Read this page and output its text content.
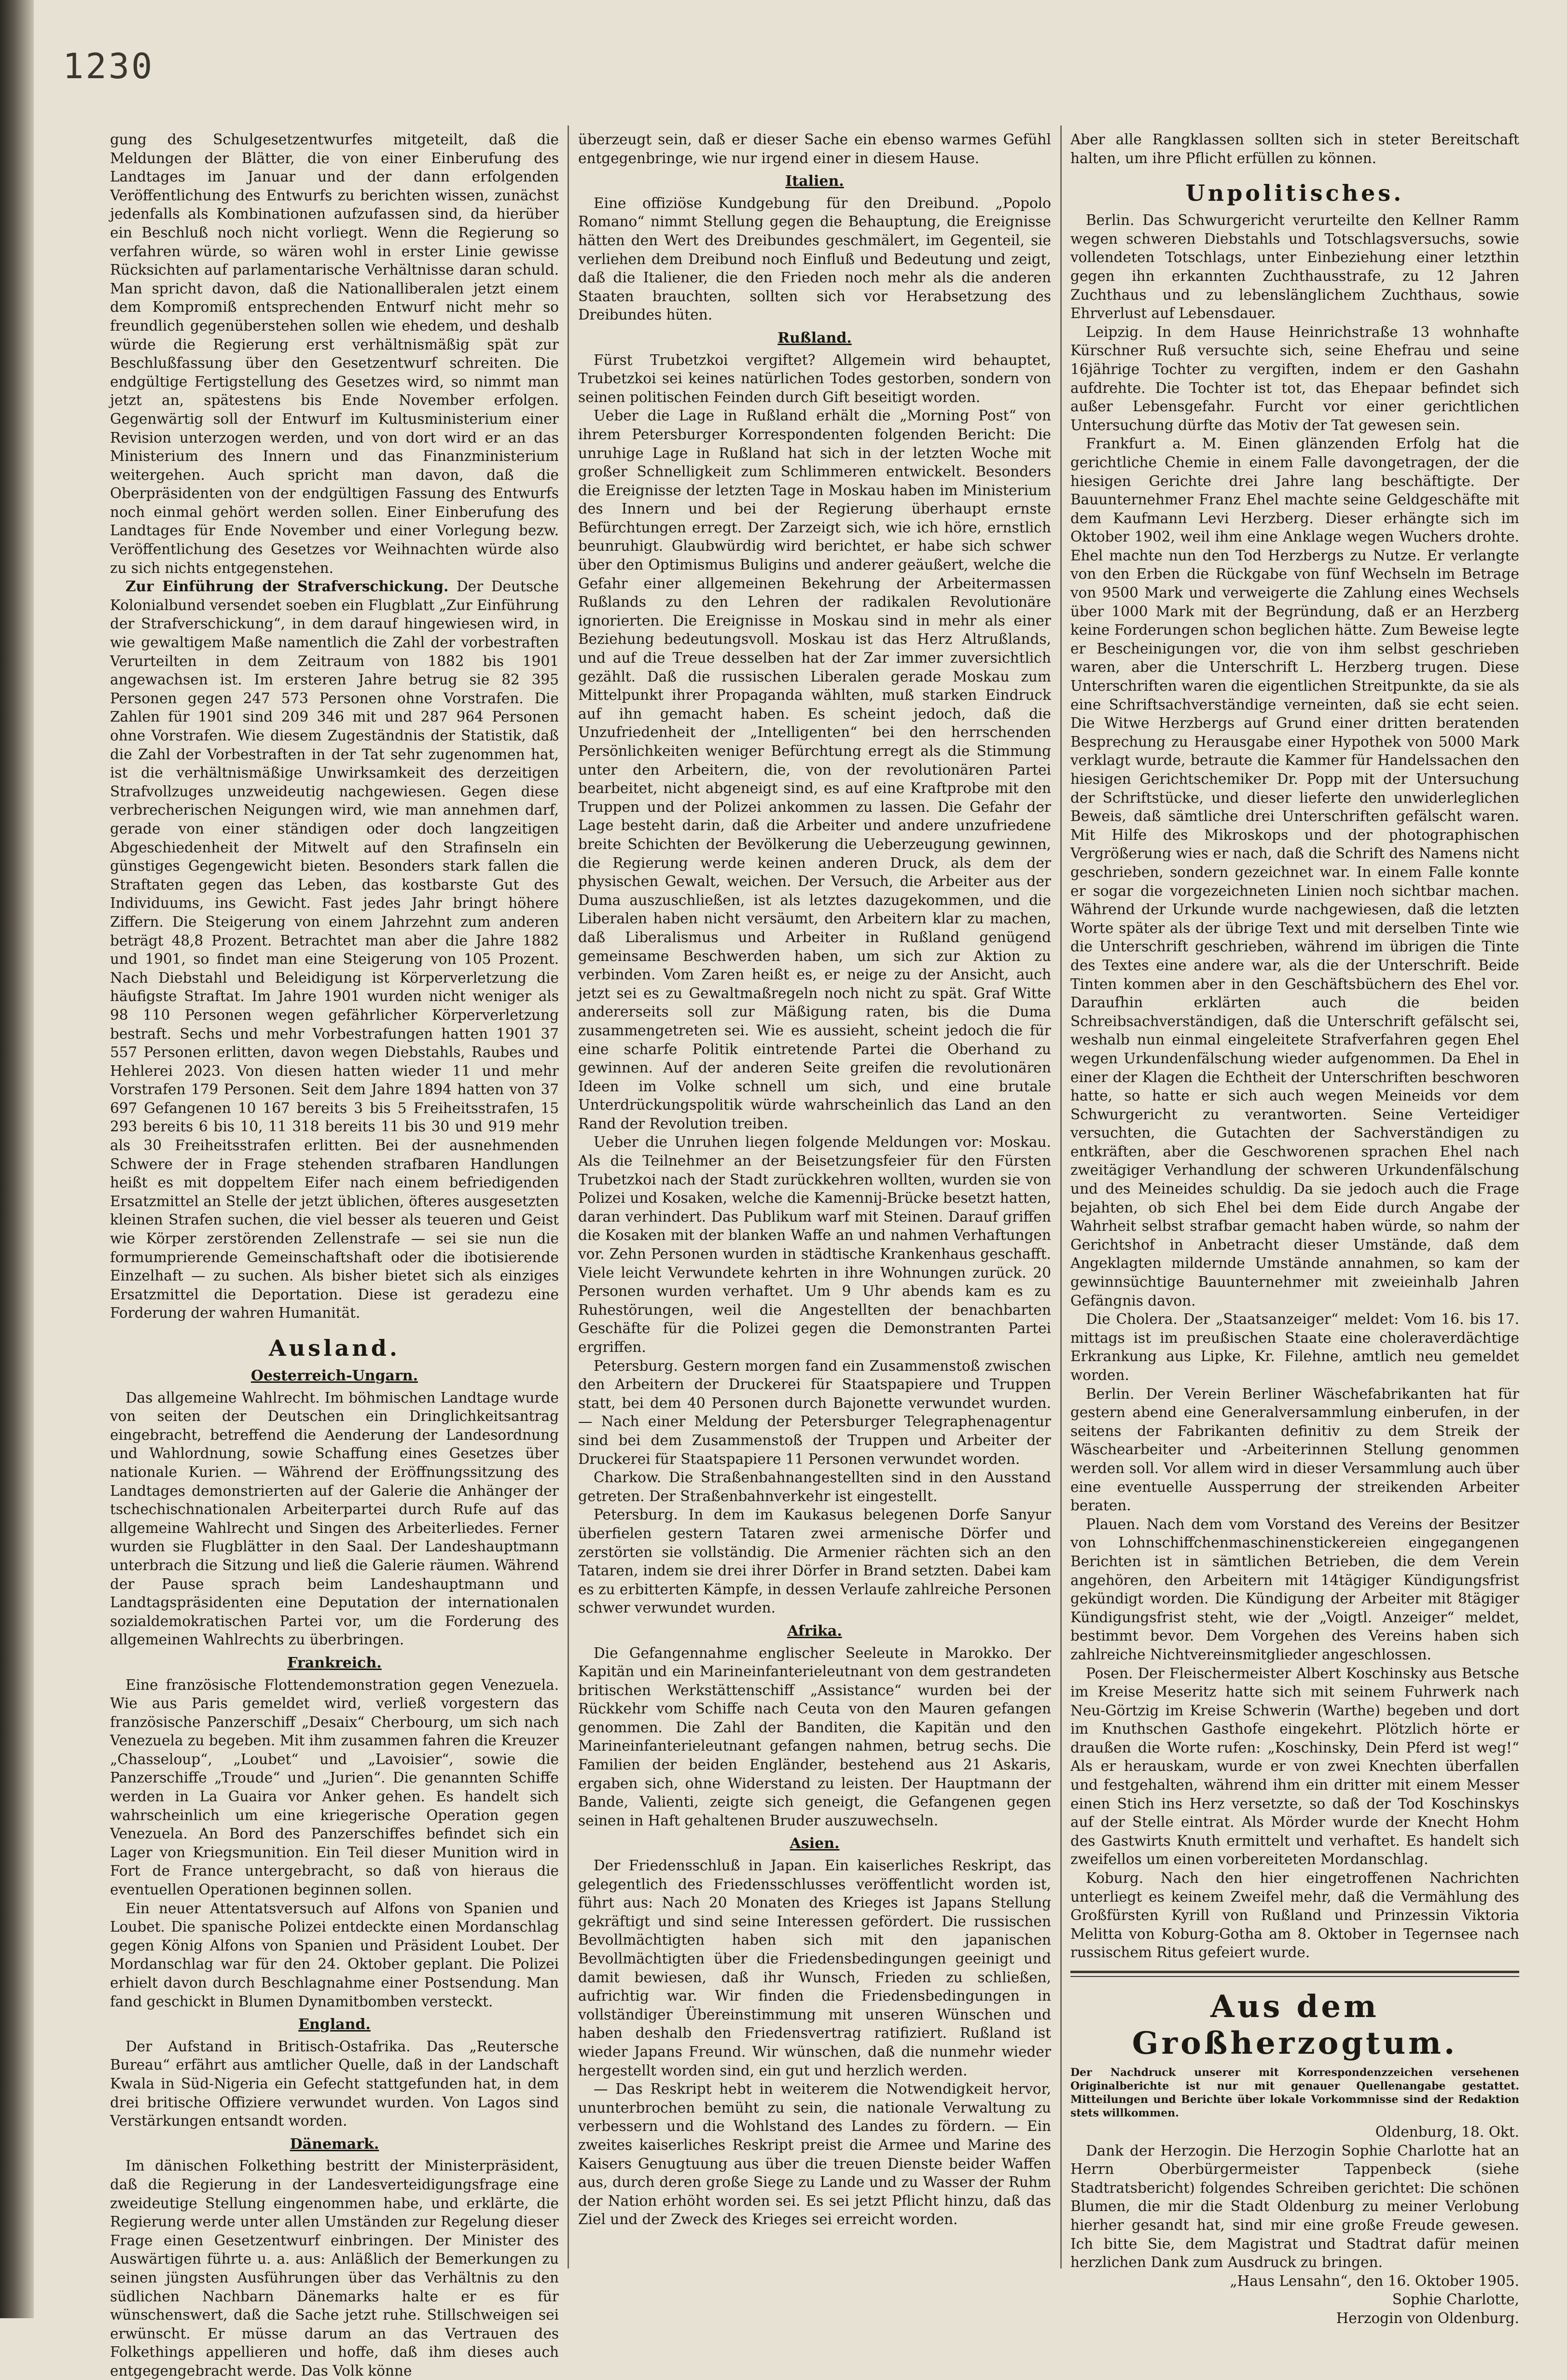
1230

gung des Schulgesetzentwurfes mitgeteilt, daß die Meldungen der Blätter, die von einer Einberufung des Landtages im Januar und der dann erfolgenden Veröffentlichung des Entwurfs zu berichten wissen, zunächst jedenfalls als Kombinationen aufzufassen sind, da hierüber ein Beschluß noch nicht vorliegt. Wenn die Regierung so verfahren würde, so wären wohl in erster Linie gewisse Rücksichten auf parlamentarische Verhältnisse daran schuld. Man spricht davon, daß die Nationalliberalen jetzt einem dem Kompromiß entsprechenden Entwurf nicht mehr so freundlich gegenüberstehen sollen wie ehedem, und deshalb würde die Regierung erst verhältnismäßig spät zur Beschlußfassung über den Gesetzentwurf schreiten. Die endgültige Fertigstellung des Gesetzes wird, so nimmt man jetzt an, spätestens bis Ende November erfolgen. Gegenwärtig soll der Entwurf im Kultusministerium einer Revision unterzogen werden, und von dort wird er an das Ministerium des Innern und das Finanzministerium weitergehen. Auch spricht man davon, daß die Oberpräsidenten von der endgültigen Fassung des Entwurfs noch einmal gehört werden sollen. Einer Einberufung des Landtages für Ende November und einer Vorlegung bezw. Veröffentlichung des Gesetzes vor Weihnachten würde also zu sich nichts entgegenstehen.

Zur Einführung der Strafverschickung. Der Deutsche Kolonialbund versendet soeben ein Flugblatt „Zur Einführung der Strafverschickung“, in dem darauf hingewiesen wird, in wie gewaltigem Maße namentlich die Zahl der vorbestraften Verurteilten in dem Zeitraum von 1882 bis 1901 angewachsen ist. Im ersteren Jahre betrug sie 82 395 Personen gegen 247 573 Personen ohne Vorstrafen. Die Zahlen für 1901 sind 209 346 mit und 287 964 Personen ohne Vorstrafen. Wie diesem Zugeständnis der Statistik, daß die Zahl der Vorbestraften in der Tat sehr zugenommen hat, ist die verhältnismäßige Unwirksamkeit des derzeitigen Strafvollzuges unzweideutig nachgewiesen. Gegen diese verbrecherischen Neigungen wird, wie man annehmen darf, gerade von einer ständigen oder doch langzeitigen Abgeschiedenheit der Mitwelt auf den Strafinseln ein günstiges Gegengewicht bieten. Besonders stark fallen die Straftaten gegen das Leben, das kostbarste Gut des Individuums, ins Gewicht. Fast jedes Jahr bringt höhere Ziffern. Die Steigerung von einem Jahrzehnt zum anderen beträgt 48,8 Prozent. Betrachtet man aber die Jahre 1882 und 1901, so findet man eine Steigerung von 105 Prozent. Nach Diebstahl und Beleidigung ist Körperverletzung die häufigste Straftat. Im Jahre 1901 wurden nicht weniger als 98 110 Personen wegen gefährlicher Körperverletzung bestraft. Sechs und mehr Vorbestrafungen hatten 1901 37 557 Personen erlitten, davon wegen Diebstahls, Raubes und Hehlerei 2023. Von diesen hatten wieder 11 und mehr Vorstrafen 179 Personen. Seit dem Jahre 1894 hatten von 37 697 Gefangenen 10 167 bereits 3 bis 5 Freiheitsstrafen, 15 293 bereits 6 bis 10, 11 318 bereits 11 bis 30 und 919 mehr als 30 Freiheitsstrafen erlitten. Bei der ausnehmenden Schwere der in Frage stehenden strafbaren Handlungen heißt es mit doppeltem Eifer nach einem befriedigenden Ersatzmittel an Stelle der jetzt üblichen, öfteres ausgesetzten kleinen Strafen suchen, die viel besser als teueren und Geist wie Körper zerstörenden Zellenstrafe — sei sie nun die formumprierende Gemeinschaftshaft oder die ibotisierende Einzelhaft — zu suchen. Als bisher bietet sich als einziges Ersatzmittel die Deportation. Diese ist geradezu eine Forderung der wahren Humanität.

Ausland.
Oesterreich-Ungarn.

Das allgemeine Wahlrecht. Im böhmischen Landtage wurde von seiten der Deutschen ein Dringlichkeitsantrag eingebracht, betreffend die Aenderung der Landesordnung und Wahlordnung, sowie Schaffung eines Gesetzes über nationale Kurien. — Während der Eröffnungssitzung des Landtages demonstrierten auf der Galerie die Anhänger der tschechischnationalen Arbeiterpartei durch Rufe auf das allgemeine Wahlrecht und Singen des Arbeiterliedes. Ferner wurden sie Flugblätter in den Saal. Der Landeshauptmann unterbrach die Sitzung und ließ die Galerie räumen. Während der Pause sprach beim Landeshauptmann und Landtagspräsidenten eine Deputation der internationalen sozialdemokratischen Partei vor, um die Forderung des allgemeinen Wahlrechts zu überbringen.

Frankreich.

Eine französische Flottendemonstration gegen Venezuela. Wie aus Paris gemeldet wird, verließ vorgestern das französische Panzerschiff „Desaix“ Cherbourg, um sich nach Venezuela zu begeben. Mit ihm zusammen fahren die Kreuzer „Chasseloup“, „Loubet“ und „Lavoisier“, sowie die Panzerschiffe „Troude“ und „Jurien“. Die genannten Schiffe werden in La Guaira vor Anker gehen. Es handelt sich wahrscheinlich um eine kriegerische Operation gegen Venezuela. An Bord des Panzerschiffes befindet sich ein Lager von Kriegsmunition. Ein Teil dieser Munition wird in Fort de France untergebracht, so daß von hieraus die eventuellen Operationen beginnen sollen.

Ein neuer Attentatsversuch auf Alfons von Spanien und Loubet. Die spanische Polizei entdeckte einen Mordanschlag gegen König Alfons von Spanien und Präsident Loubet. Der Mordanschlag war für den 24. Oktober geplant. Die Polizei erhielt davon durch Beschlagnahme einer Postsendung. Man fand geschickt in Blumen Dynamitbomben versteckt.

England.

Der Aufstand in Britisch-Ostafrika. Das „Reutersche Bureau“ erfährt aus amtlicher Quelle, daß in der Landschaft Kwala in Süd-Nigeria ein Gefecht stattgefunden hat, in dem drei britische Offiziere verwundet wurden. Von Lagos sind Verstärkungen entsandt worden.

Dänemark.

Im dänischen Folkething bestritt der Ministerpräsident, daß die Regierung in der Landesverteidigungsfrage eine zweideutige Stellung eingenommen habe, und erklärte, die Regierung werde unter allen Umständen zur Regelung dieser Frage einen Gesetzentwurf einbringen. Der Minister des Auswärtigen führte u. a. aus: Anläßlich der Bemerkungen zu seinen jüngsten Ausführungen über das Verhältnis zu den südlichen Nachbarn Dänemarks halte er es für wünschenswert, daß die Sache jetzt ruhe. Stillschweigen sei erwünscht. Er müsse darum an das Vertrauen des Folkethings appellieren und hoffe, daß ihm dieses auch entgegengebracht werde. Das Volk könne

überzeugt sein, daß er dieser Sache ein ebenso warmes Gefühl entgegenbringe, wie nur irgend einer in diesem Hause.

Italien.

Eine offiziöse Kundgebung für den Dreibund. „Popolo Romano“ nimmt Stellung gegen die Behauptung, die Ereignisse hätten den Wert des Dreibundes geschmälert, im Gegenteil, sie verliehen dem Dreibund noch Einfluß und Bedeutung und zeigt, daß die Italiener, die den Frieden noch mehr als die anderen Staaten brauchten, sollten sich vor Herabsetzung des Dreibundes hüten.

Rußland.

Fürst Trubetzkoi vergiftet? Allgemein wird behauptet, Trubetzkoi sei keines natürlichen Todes gestorben, sondern von seinen politischen Feinden durch Gift beseitigt worden.

Ueber die Lage in Rußland erhält die „Morning Post“ von ihrem Petersburger Korrespondenten folgenden Bericht: Die unruhige Lage in Rußland hat sich in der letzten Woche mit großer Schnelligkeit zum Schlimmeren entwickelt. Besonders die Ereignisse der letzten Tage in Moskau haben im Ministerium des Innern und bei der Regierung überhaupt ernste Befürchtungen erregt. Der Zarzeigt sich, wie ich höre, ernstlich beunruhigt. Glaubwürdig wird berichtet, er habe sich schwer über den Optimismus Buligins und anderer geäußert, welche die Gefahr einer allgemeinen Bekehrung der Arbeitermassen Rußlands zu den Lehren der radikalen Revolutionäre ignorierten. Die Ereignisse in Moskau sind in mehr als einer Beziehung bedeutungsvoll. Moskau ist das Herz Altrußlands, und auf die Treue desselben hat der Zar immer zuversichtlich gezählt. Daß die russischen Liberalen gerade Moskau zum Mittelpunkt ihrer Propaganda wählten, muß starken Eindruck auf ihn gemacht haben. Es scheint jedoch, daß die Unzufriedenheit der „Intelligenten“ bei den herrschenden Persönlichkeiten weniger Befürchtung erregt als die Stimmung unter den Arbeitern, die, von der revolutionären Partei bearbeitet, nicht abgeneigt sind, es auf eine Kraftprobe mit den Truppen und der Polizei ankommen zu lassen. Die Gefahr der Lage besteht darin, daß die Arbeiter und andere unzufriedene breite Schichten der Bevölkerung die Ueberzeugung gewinnen, die Regierung werde keinen anderen Druck, als dem der physischen Gewalt, weichen. Der Versuch, die Arbeiter aus der Duma auszuschließen, ist als letztes dazugekommen, und die Liberalen haben nicht versäumt, den Arbeitern klar zu machen, daß Liberalismus und Arbeiter in Rußland genügend gemeinsame Beschwerden haben, um sich zur Aktion zu verbinden. Vom Zaren heißt es, er neige zu der Ansicht, auch jetzt sei es zu Gewaltmaßregeln noch nicht zu spät. Graf Witte andererseits soll zur Mäßigung raten, bis die Duma zusammengetreten sei. Wie es aussieht, scheint jedoch die für eine scharfe Politik eintretende Partei die Oberhand zu gewinnen. Auf der anderen Seite greifen die revolutionären Ideen im Volke schnell um sich, und eine brutale Unterdrückungspolitik würde wahrscheinlich das Land an den Rand der Revolution treiben.

Ueber die Unruhen liegen folgende Meldungen vor: Moskau. Als die Teilnehmer an der Beisetzungsfeier für den Fürsten Trubetzkoi nach der Stadt zurückkehren wollten, wurden sie von Polizei und Kosaken, welche die Kamennij-Brücke besetzt hatten, daran verhindert. Das Publikum warf mit Steinen. Darauf griffen die Kosaken mit der blanken Waffe an und nahmen Verhaftungen vor. Zehn Personen wurden in städtische Krankenhaus geschafft. Viele leicht Verwundete kehrten in ihre Wohnungen zurück. 20 Personen wurden verhaftet. Um 9 Uhr abends kam es zu Ruhestörungen, weil die Angestellten der benachbarten Geschäfte für die Polizei gegen die Demonstranten Partei ergriffen.

Petersburg. Gestern morgen fand ein Zusammenstoß zwischen den Arbeitern der Druckerei für Staatspapiere und Truppen statt, bei dem 40 Personen durch Bajonette verwundet wurden. — Nach einer Meldung der Petersburger Telegraphenagentur sind bei dem Zusammenstoß der Truppen und Arbeiter der Druckerei für Staatspapiere 11 Personen verwundet worden.

Charkow. Die Straßenbahnangestellten sind in den Ausstand getreten. Der Straßenbahnverkehr ist eingestellt.

Petersburg. In dem im Kaukasus belegenen Dorfe Sanyur überfielen gestern Tataren zwei armenische Dörfer und zerstörten sie vollständig. Die Armenier rächten sich an den Tataren, indem sie drei ihrer Dörfer in Brand setzten. Dabei kam es zu erbitterten Kämpfe, in dessen Verlaufe zahlreiche Personen schwer verwundet wurden.

Afrika.

Die Gefangennahme englischer Seeleute in Marokko. Der Kapitän und ein Marineinfanterieleutnant von dem gestrandeten britischen Werkstättenschiff „Assistance“ wurden bei der Rückkehr vom Schiffe nach Ceuta von den Mauren gefangen genommen. Die Zahl der Banditen, die Kapitän und den Marineinfanterieleutnant gefangen nahmen, betrug sechs. Die Familien der beiden Engländer, bestehend aus 21 Askaris, ergaben sich, ohne Widerstand zu leisten. Der Hauptmann der Bande, Valienti, zeigte sich geneigt, die Gefangenen gegen seinen in Haft gehaltenen Bruder auszuwechseln.

Asien.

Der Friedensschluß in Japan. Ein kaiserliches Reskript, das gelegentlich des Friedensschlusses veröffentlicht worden ist, führt aus: Nach 20 Monaten des Krieges ist Japans Stellung gekräftigt und sind seine Interessen gefördert. Die russischen Bevollmächtigten haben sich mit den japanischen Bevollmächtigten über die Friedensbedingungen geeinigt und damit bewiesen, daß ihr Wunsch, Frieden zu schließen, aufrichtig war. Wir finden die Friedensbedingungen in vollständiger Übereinstimmung mit unseren Wünschen und haben deshalb den Friedensvertrag ratifiziert. Rußland ist wieder Japans Freund. Wir wünschen, daß die nunmehr wieder hergestellt worden sind, ein gut und herzlich werden.

— Das Reskript hebt in weiterem die Notwendigkeit hervor, ununterbrochen bemüht zu sein, die nationale Verwaltung zu verbessern und die Wohlstand des Landes zu fördern. — Ein zweites kaiserliches Reskript preist die Armee und Marine des Kaisers Genugtuung aus über die treuen Dienste beider Waffen aus, durch deren große Siege zu Lande und zu Wasser der Ruhm der Nation erhöht worden sei. Es sei jetzt Pflicht hinzu, daß das Ziel und der Zweck des Krieges sei erreicht worden.

Aber alle Rangklassen sollten sich in steter Bereitschaft halten, um ihre Pflicht erfüllen zu können.

Unpolitisches.

Berlin. Das Schwurgericht verurteilte den Kellner Ramm wegen schweren Diebstahls und Totschlagsversuchs, sowie vollendeten Totschlags, unter Einbeziehung einer letzthin gegen ihn erkannten Zuchthausstrafe, zu 12 Jahren Zuchthaus und zu lebenslänglichem Zuchthaus, sowie Ehrverlust auf Lebensdauer.

Leipzig. In dem Hause Heinrichstraße 13 wohnhafte Kürschner Ruß versuchte sich, seine Ehefrau und seine 16jährige Tochter zu vergiften, indem er den Gashahn aufdrehte. Die Tochter ist tot, das Ehepaar befindet sich außer Lebensgefahr. Furcht vor einer gerichtlichen Untersuchung dürfte das Motiv der Tat gewesen sein.

Frankfurt a. M. Einen glänzenden Erfolg hat die gerichtliche Chemie in einem Falle davongetragen, der die hiesigen Gerichte drei Jahre lang beschäftigte. Der Bauunternehmer Franz Ehel machte seine Geldgeschäfte mit dem Kaufmann Levi Herzberg. Dieser erhängte sich im Oktober 1902, weil ihm eine Anklage wegen Wuchers drohte. Ehel machte nun den Tod Herzbergs zu Nutze. Er verlangte von den Erben die Rückgabe von fünf Wechseln im Betrage von 9500 Mark und verweigerte die Zahlung eines Wechsels über 1000 Mark mit der Begründung, daß er an Herzberg keine Forderungen schon beglichen hätte. Zum Beweise legte er Bescheinigungen vor, die von ihm selbst geschrieben waren, aber die Unterschrift L. Herzberg trugen. Diese Unterschriften waren die eigentlichen Streitpunkte, da sie als eine Schriftsachverständige verneinten, daß sie echt seien. Die Witwe Herzbergs auf Grund einer dritten beratenden Besprechung zu Herausgabe einer Hypothek von 5000 Mark verklagt wurde, betraute die Kammer für Handelssachen den hiesigen Gerichtschemiker Dr. Popp mit der Untersuchung der Schriftstücke, und dieser lieferte den unwiderleglichen Beweis, daß sämtliche drei Unterschriften gefälscht waren. Mit Hilfe des Mikroskops und der photographischen Vergrößerung wies er nach, daß die Schrift des Namens nicht geschrieben, sondern gezeichnet war. In einem Falle konnte er sogar die vorgezeichneten Linien noch sichtbar machen. Während der Urkunde wurde nachgewiesen, daß die letzten Worte später als der übrige Text und mit derselben Tinte wie die Unterschrift geschrieben, während im übrigen die Tinte des Textes eine andere war, als die der Unterschrift. Beide Tinten kommen aber in den Geschäftsbüchern des Ehel vor. Daraufhin erklärten auch die beiden Schreibsachverständigen, daß die Unterschrift gefälscht sei, weshalb nun einmal eingeleitete Strafverfahren gegen Ehel wegen Urkundenfälschung wieder aufgenommen. Da Ehel in einer der Klagen die Echtheit der Unterschriften beschworen hatte, so hatte er sich auch wegen Meineids vor dem Schwurgericht zu verantworten. Seine Verteidiger versuchten, die Gutachten der Sachverständigen zu entkräften, aber die Geschworenen sprachen Ehel nach zweitägiger Verhandlung der schweren Urkundenfälschung und des Meineides schuldig. Da sie jedoch auch die Frage bejahten, ob sich Ehel bei dem Eide durch Angabe der Wahrheit selbst strafbar gemacht haben würde, so nahm der Gerichtshof in Anbetracht dieser Umstände, daß dem Angeklagten mildernde Umstände annahmen, so kam der gewinnsüchtige Bauunternehmer mit zweieinhalb Jahren Gefängnis davon.

Die Cholera. Der „Staatsanzeiger“ meldet: Vom 16. bis 17. mittags ist im preußischen Staate eine choleraverdächtige Erkrankung aus Lipke, Kr. Filehne, amtlich neu gemeldet worden.

Berlin. Der Verein Berliner Wäschefabrikanten hat für gestern abend eine Generalversammlung einberufen, in der seitens der Fabrikanten definitiv zu dem Streik der Wäschearbeiter und -Arbeiterinnen Stellung genommen werden soll. Vor allem wird in dieser Versammlung auch über eine eventuelle Aussperrung der streikenden Arbeiter beraten.

Plauen. Nach dem vom Vorstand des Vereins der Besitzer von Lohnschiffchenmaschinenstickereien eingegangenen Berichten ist in sämtlichen Betrieben, die dem Verein angehören, den Arbeitern mit 14tägiger Kündigungsfrist gekündigt worden. Die Kündigung der Arbeiter mit 8tägiger Kündigungsfrist steht, wie der „Voigtl. Anzeiger“ meldet, bestimmt bevor. Dem Vorgehen des Vereins haben sich zahlreiche Nichtvereinsmitglieder angeschlossen.

Posen. Der Fleischermeister Albert Koschinsky aus Betsche im Kreise Meseritz hatte sich mit seinem Fuhrwerk nach Neu-Görtzig im Kreise Schwerin (Warthe) begeben und dort im Knuthschen Gasthofe eingekehrt. Plötzlich hörte er draußen die Worte rufen: „Koschinsky, Dein Pferd ist weg!“ Als er herauskam, wurde er von zwei Knechten überfallen und festgehalten, während ihm ein dritter mit einem Messer einen Stich ins Herz versetzte, so daß der Tod Koschinskys auf der Stelle eintrat. Als Mörder wurde der Knecht Hohm des Gastwirts Knuth ermittelt und verhaftet. Es handelt sich zweifellos um einen vorbereiteten Mordanschlag.

Koburg. Nach den hier eingetroffenen Nachrichten unterliegt es keinem Zweifel mehr, daß die Vermählung des Großfürsten Kyrill von Rußland und Prinzessin Viktoria Melitta von Koburg-Gotha am 8. Oktober in Tegernsee nach russischem Ritus gefeiert wurde.

Aus dem Großherzogtum.
Der Nachdruck unserer mit Korrespondenzzeichen versehenen Originalberichte ist nur mit genauer Quellenangabe gestattet. Mitteilungen und Berichte über lokale Vorkommnisse sind der Redaktion stets willkommen.
Oldenburg, 18. Okt.

Dank der Herzogin. Die Herzogin Sophie Charlotte hat an Herrn Oberbürgermeister Tappenbeck (siehe Stadtratsbericht) folgendes Schreiben gerichtet: Die schönen Blumen, die mir die Stadt Oldenburg zu meiner Verlobung hierher gesandt hat, sind mir eine große Freude gewesen. Ich bitte Sie, dem Magistrat und Stadtrat dafür meinen herzlichen Dank zum Ausdruck zu bringen.

„Haus Lensahn“, den 16. Oktober 1905.
Sophie Charlotte,
Herzogin von Oldenburg.
